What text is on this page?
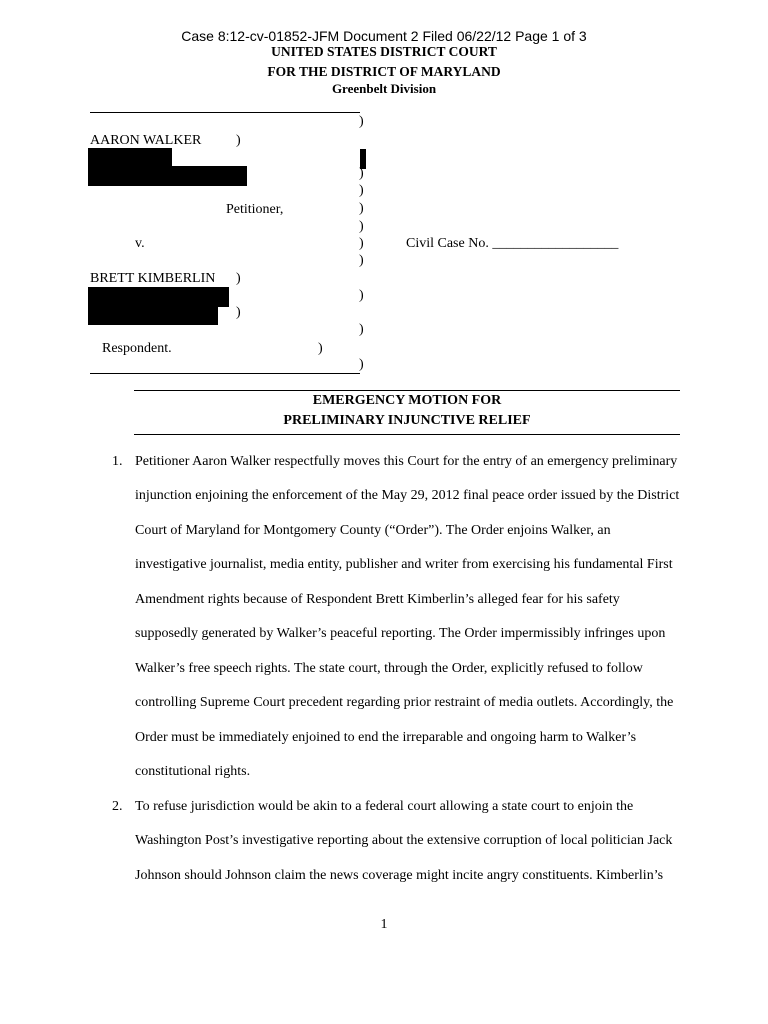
Case 8:12-cv-01852-JFM Document 2 Filed 06/22/12 Page 1 of 3
UNITED STATES DISTRICT COURT
FOR THE DISTRICT OF MARYLAND
Greenbelt Division
AARON WALKER )
Petitioner,
v.	Civil Case No. __________________
BRETT KIMBERLIN )
)
Respondent.	)
)
)
)
)
)
)
)
)
)
)
EMERGENCY MOTION FOR
PRELIMINARY INJUNCTIVE RELIEF
1. Petitioner Aaron Walker respectfully moves this Court for the entry of an emergency preliminary
injunction enjoining the enforcement of the May 29, 2012 final peace order issued by the District
Court of Maryland for Montgomery County (“Order”). The Order enjoins Walker, an
investigative journalist, media entity, publisher and writer from exercising his fundamental First
Amendment rights because of Respondent Brett Kimberlin’s alleged fear for his safety
supposedly generated by Walker’s peaceful reporting. The Order impermissibly infringes upon
Walker’s free speech rights. The state court, through the Order, explicitly refused to follow
controlling Supreme Court precedent regarding prior restraint of media outlets. Accordingly, the
Order must be immediately enjoined to end the irreparable and ongoing harm to Walker’s
constitutional rights.
2. To refuse jurisdiction would be akin to a federal court allowing a state court to enjoin the
Washington Post’s investigative reporting about the extensive corruption of local politician Jack
Johnson should Johnson claim the news coverage might incite angry constituents. Kimberlin’s
1
